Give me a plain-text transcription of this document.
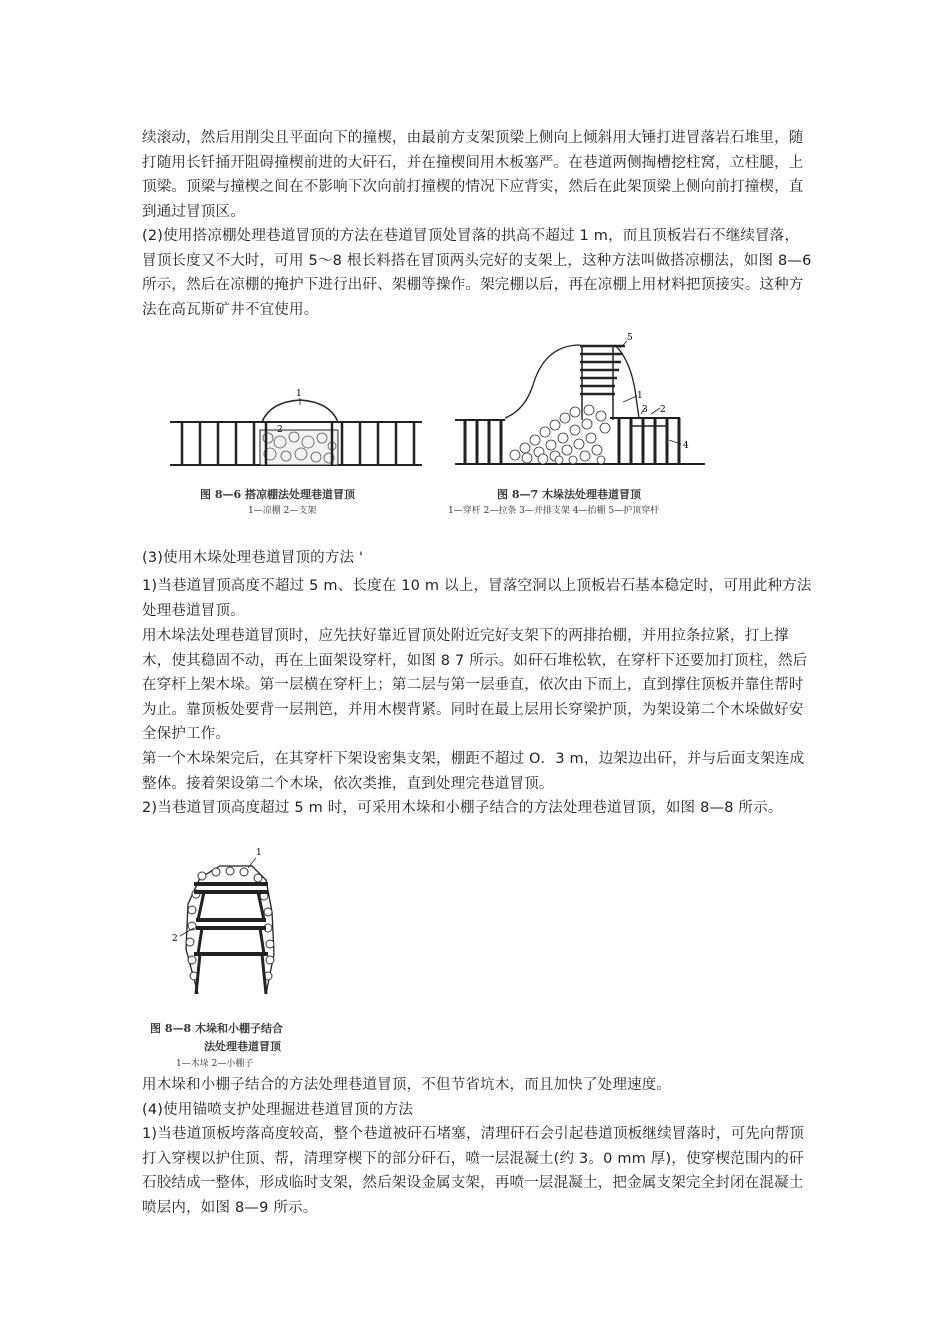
续滚动，然后用削尖且平面向下的撞楔，由最前方支架顶梁上侧向上倾斜用大锤打进冒落岩石堆里，随打随用长钎捅开阻碍撞楔前进的大矸石，并在撞楔间用木板塞严。在巷道两侧掏槽挖柱窝，立柱腿，上顶梁。顶梁与撞楔之间在不影响下次向前打撞楔的情况下应背实，然后在此架顶梁上侧向前打撞楔，直到通过冒顶区。

(2)使用搭凉棚处理巷道冒顶的方法在巷道冒顶处冒落的拱高不超过 1 m，而且顶板岩石不继续冒落，冒顶长度又不大时，可用 5～8 根长料搭在冒顶两头完好的支架上，这种方法叫做搭凉棚法，如图 8—6 所示，然后在凉棚的掩护下进行出矸、架棚等操作。架完棚以后，再在凉棚上用材料把顶接实。这种方法在高瓦斯矿井不宜使用。

1
2
图 8—6 搭凉棚法处理巷道冒顶
1—凉棚 2—支架
5
1
3 2
4
图 8—7 木垛法处理巷道冒顶
1—穿杆 2—拉条 3—并排支架 4—抬棚 5—护顶穿杆

(3)使用木垛处理巷道冒顶的方法 '

1)当巷道冒顶高度不超过 5 m、长度在 10 m 以上，冒落空洞以上顶板岩石基本稳定时，可用此种方法处理巷道冒顶。

用木垛法处理巷道冒顶时，应先扶好靠近冒顶处附近完好支架下的两排抬棚，并用拉条拉紧，打上撑木，使其稳固不动，再在上面架设穿杆，如图 8 7 所示。如矸石堆松软，在穿杆下还要加打顶柱，然后在穿杆上架木垛。第一层横在穿杆上；第二层与第一层垂直，依次由下而上，直到撑住顶板并靠住帮时为止。靠顶板处要背一层荆笆，并用木楔背紧。同时在最上层用长穿梁护顶，为架设第二个木垛做好安全保护工作。

第一个木垛架完后，在其穿杆下架设密集支架，棚距不超过 O．3 m，边架边出矸，并与后面支架连成整体。接着架设第二个木垛，依次类推，直到处理完巷道冒顶。

2)当巷道冒顶高度超过 5 m 时，可采用木垛和小棚子结合的方法处理巷道冒顶，如图 8—8 所示。

1
2
图 8—8 木垛和小棚子结合
法处理巷道冒顶
1—木垛 2—小棚子

用木垛和小棚子结合的方法处理巷道冒顶，不但节省坑木，而且加快了处理速度。

(4)使用锚喷支护处理掘进巷道冒顶的方法

1)当巷道顶板垮落高度较高，整个巷道被矸石堵塞，清理矸石会引起巷道顶板继续冒落时，可先向帮顶打入穿楔以护住顶、帮，清理穿楔下的部分矸石，喷一层混凝土(约 3。0 mm 厚)，使穿楔范围内的矸石胶结成一整体，形成临时支架，然后架设金属支架，再喷一层混凝土，把金属支架完全封闭在混凝土喷层内，如图 8—9 所示。
